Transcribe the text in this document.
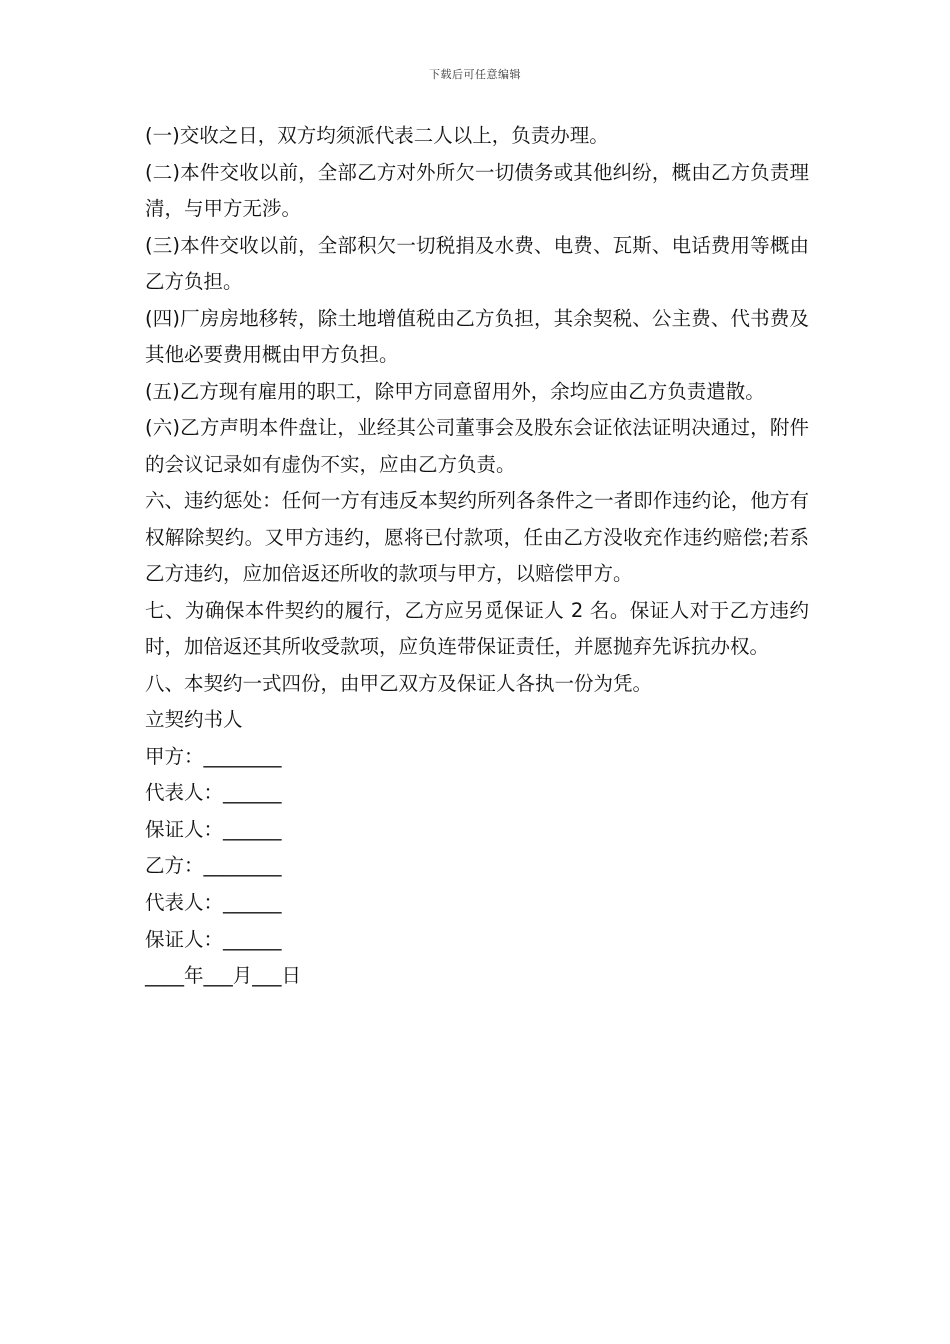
下载后可任意编辑

(一)交收之日，双方均须派代表二人以上，负责办理。

(二)本件交收以前，全部乙方对外所欠一切债务或其他纠纷，概由乙方负责理清，与甲方无涉。

(三)本件交收以前，全部积欠一切税捐及水费、电费、瓦斯、电话费用等概由乙方负担。

(四)厂房房地移转，除土地增值税由乙方负担，其余契税、公主费、代书费及其他必要费用概由甲方负担。

(五)乙方现有雇用的职工，除甲方同意留用外，余均应由乙方负责遣散。

(六)乙方声明本件盘让，业经其公司董事会及股东会证依法证明决通过，附件的会议记录如有虚伪不实，应由乙方负责。

六、违约惩处：任何一方有违反本契约所列各条件之一者即作违约论，他方有权解除契约。又甲方违约，愿将已付款项，任由乙方没收充作违约赔偿;若系乙方违约，应加倍返还所收的款项与甲方，以赔偿甲方。

七、为确保本件契约的履行，乙方应另觅保证人 2 名。保证人对于乙方违约时，加倍返还其所收受款项，应负连带保证责任，并愿抛弃先诉抗办权。

八、本契约一式四份，由甲乙双方及保证人各执一份为凭。

立契约书人

甲方：________

代表人：______

保证人：______

乙方：________

代表人：______

保证人：______

____年___月___日
